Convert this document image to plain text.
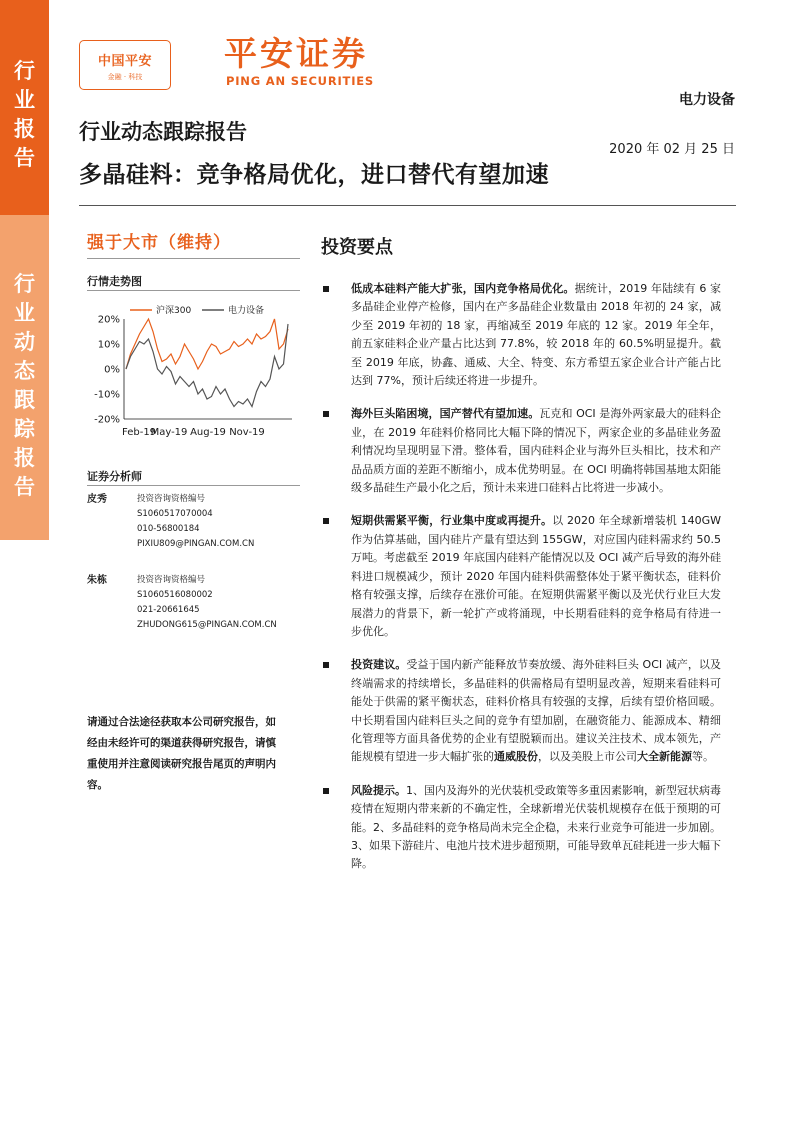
行业报告
行业动态跟踪报告
中国平安
金融 · 科技
平安证券
PING AN SECURITIES
电力设备
行业动态跟踪报告
2020 年 02 月 25 日
多晶硅料：竞争格局优化，进口替代有望加速
强于大市（维持）
行情走势图
沪深300	电力设备
20%
10%
0%
-10%
-20%
Feb-19
May-19 Aug-19 Nov-19
证券分析师
皮秀	投资咨询资格编号
S1060517070004
010-56800184
PIXIU809@PINGAN.COM.CN
朱栋	投资咨询资格编号
S1060516080002
021-20661645
ZHUDONG615@PINGAN.COM.CN
请通过合法途径获取本公司研究报告，如经由未经许可的渠道获得研究报告，请慎重使用并注意阅读研究报告尾页的声明内容。
投资要点
低成本硅料产能大扩张，国内竞争格局优化。据统计，2019 年陆续有 6 家多晶硅企业停产检修，国内在产多晶硅企业数量由 2018 年初的 24 家，减少至 2019 年初的 18 家，再缩减至 2019 年底的 12 家。2019 年全年，前五家硅料企业产量占比达到 77.8%，较 2018 年的 60.5%明显提升。截至 2019 年底，协鑫、通威、大全、特变、东方希望五家企业合计产能占比达到 77%，预计后续还将进一步提升。
海外巨头陷困境，国产替代有望加速。瓦克和 OCI 是海外两家最大的硅料企业，在 2019 年硅料价格同比大幅下降的情况下，两家企业的多晶硅业务盈利情况均呈现明显下滑。整体看，国内硅料企业与海外巨头相比，技术和产品品质方面的差距不断缩小，成本优势明显。在 OCI 明确将韩国基地太阳能级多晶硅生产最小化之后，预计未来进口硅料占比将进一步减小。
短期供需紧平衡，行业集中度或再提升。以 2020 年全球新增装机 140GW 作为估算基础，国内硅片产量有望达到 155GW，对应国内硅料需求约 50.5 万吨。考虑截至 2019 年底国内硅料产能情况以及 OCI 减产后导致的海外硅料进口规模减少，预计 2020 年国内硅料供需整体处于紧平衡状态，硅料价格有较强支撑，后续存在涨价可能。在短期供需紧平衡以及光伏行业巨大发展潜力的背景下，新一轮扩产或将涌现，中长期看硅料的竞争格局有待进一步优化。
投资建议。受益于国内新产能释放节奏放缓、海外硅料巨头 OCI 减产，以及终端需求的持续增长，多晶硅料的供需格局有望明显改善，短期来看硅料可能处于供需的紧平衡状态，硅料价格具有较强的支撑，后续有望价格回暖。中长期看国内硅料巨头之间的竞争有望加剧，在融资能力、能源成本、精细化管理等方面具备优势的企业有望脱颖而出。建议关注技术、成本领先，产能规模有望进一步大幅扩张的通威股份，以及美股上市公司大全新能源等。
风险提示。1、国内及海外的光伏装机受政策等多重因素影响，新型冠状病毒疫情在短期内带来新的不确定性，全球新增光伏装机规模存在低于预期的可能。2、多晶硅料的竞争格局尚未完全企稳，未来行业竞争可能进一步加剧。3、如果下游硅片、电池片技术进步超预期，可能导致单瓦硅耗进一步大幅下降。
